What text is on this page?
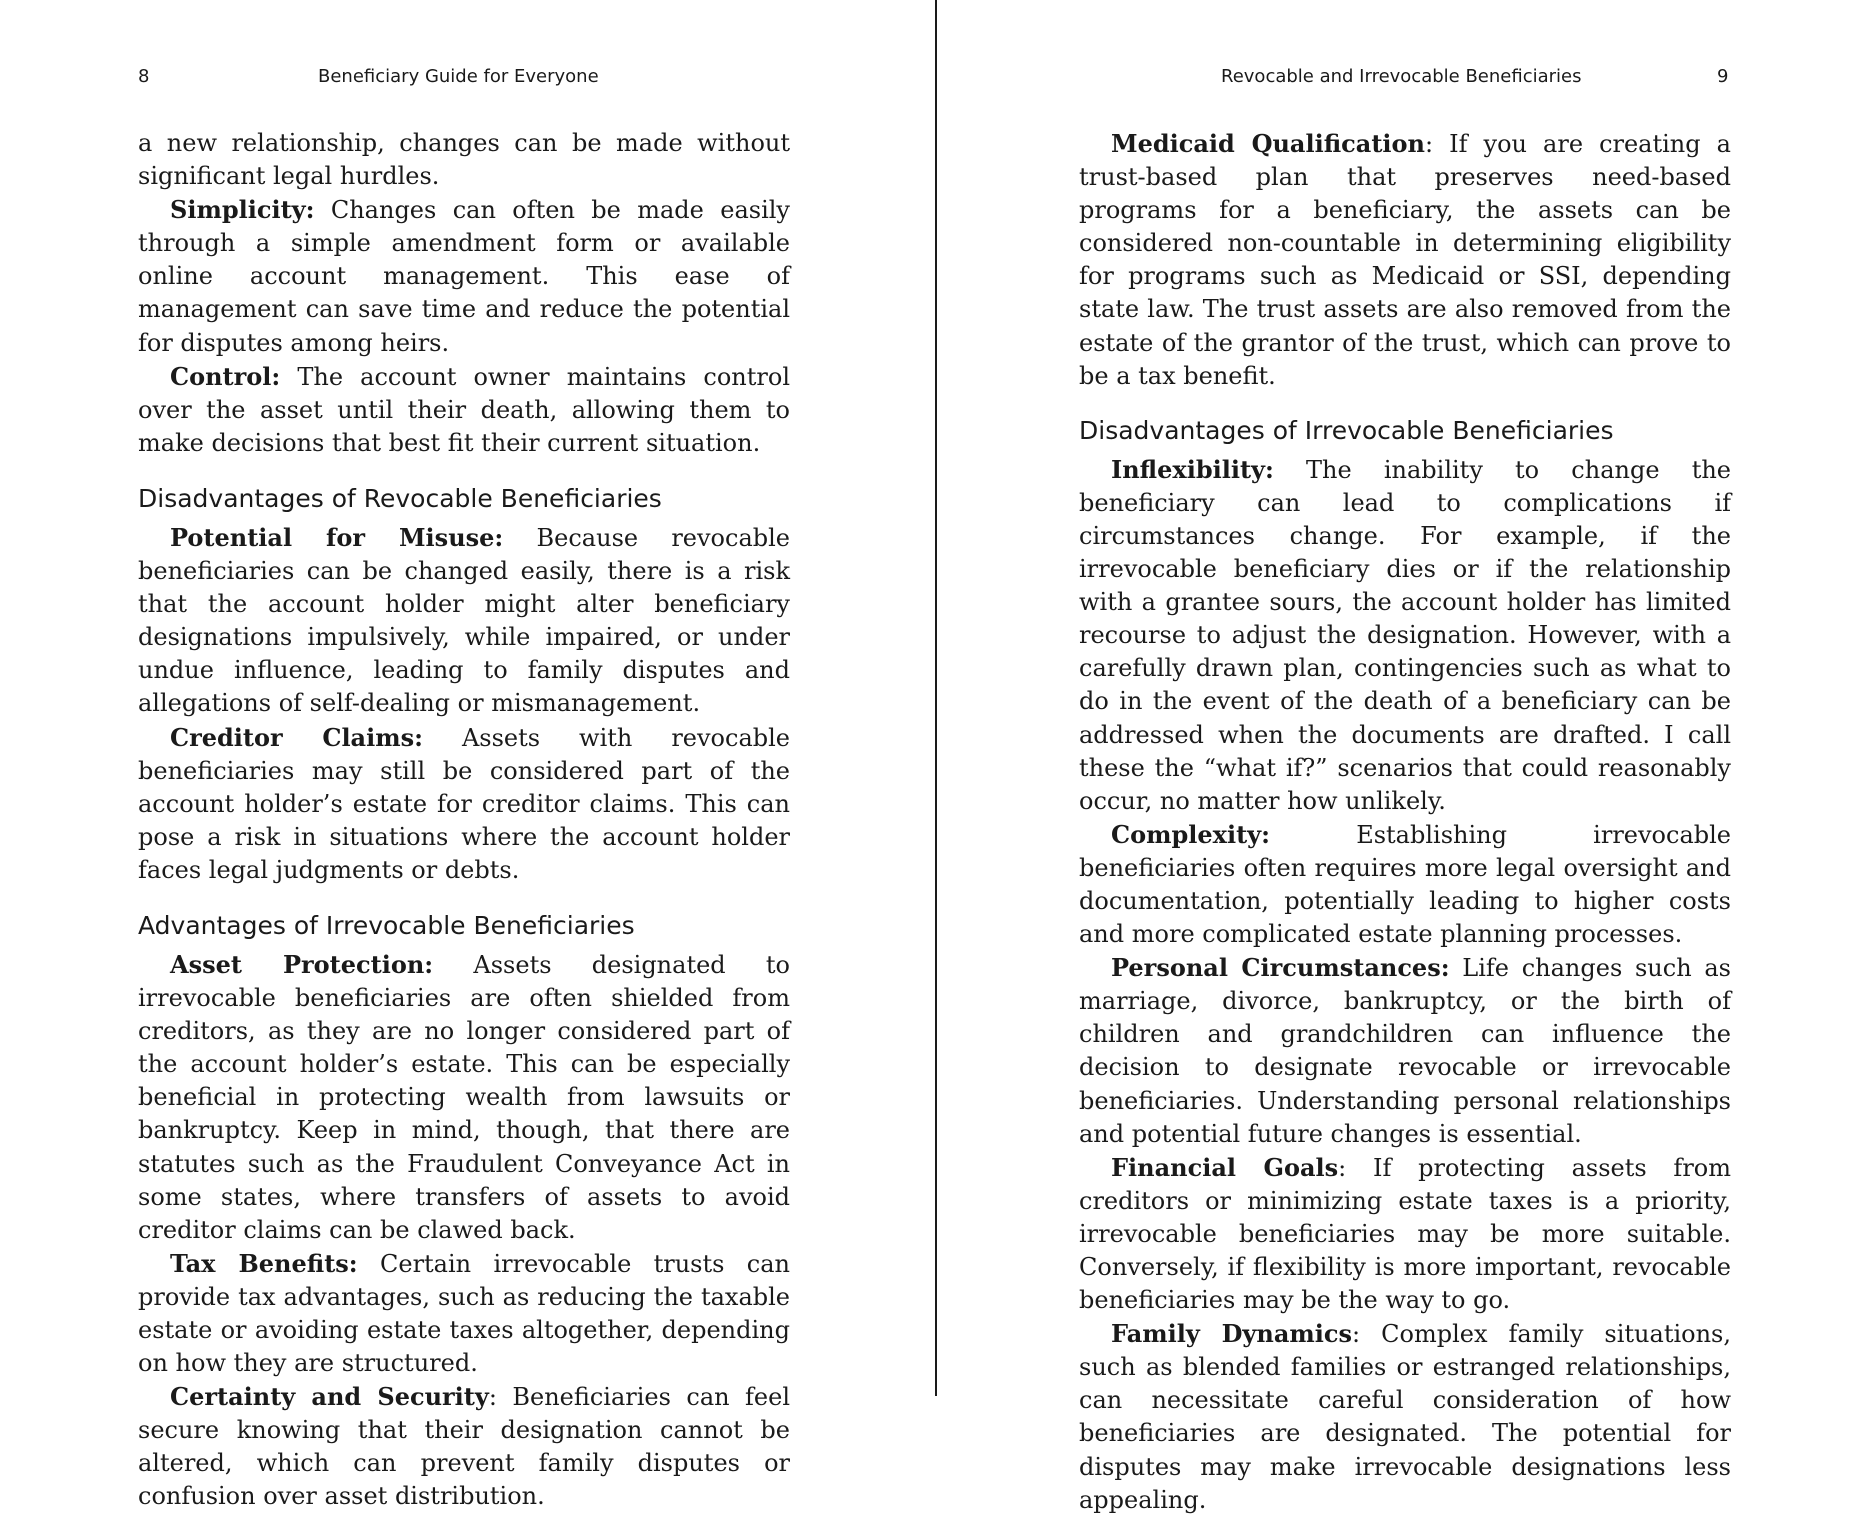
8	Beneficiary Guide for Everyone

a new relationship, changes can be made without significant legal hurdles.

Simplicity: Changes can often be made easily through a simple amendment form or available online account management. This ease of management can save time and reduce the potential for disputes among heirs.

Control: The account owner maintains control over the asset until their death, allowing them to make decisions that best fit their current situation.

Disadvantages of Revocable Beneficiaries

Potential for Misuse: Because revocable beneficiaries can be changed easily, there is a risk that the account holder might alter beneficiary designations impulsively, while impaired, or under undue influence, leading to family disputes and allegations of self-dealing or mismanagement.

Creditor Claims: Assets with revocable beneficiaries may still be considered part of the account holder’s estate for creditor claims. This can pose a risk in situations where the account holder faces legal judgments or debts.

Advantages of Irrevocable Beneficiaries

Asset Protection: Assets designated to irrevocable beneficiaries are often shielded from creditors, as they are no longer considered part of the account holder’s estate. This can be especially beneficial in protecting wealth from lawsuits or bankruptcy. Keep in mind, though, that there are statutes such as the Fraudulent Conveyance Act in some states, where transfers of assets to avoid creditor claims can be clawed back.

Tax Benefits: Certain irrevocable trusts can provide tax advantages, such as reducing the taxable estate or avoiding estate taxes altogether, depending on how they are structured.

Certainty and Security: Beneficiaries can feel secure knowing that their designation cannot be altered, which can prevent family disputes or confusion over asset distribution.

Revocable and Irrevocable Beneficiaries	9

Medicaid Qualification: If you are creating a trust-based plan that preserves need-based programs for a beneficiary, the assets can be considered non-countable in determining eligibility for programs such as Medicaid or SSI, depending state law. The trust assets are also removed from the estate of the grantor of the trust, which can prove to be a tax benefit.

Disadvantages of Irrevocable Beneficiaries

Inflexibility: The inability to change the beneficiary can lead to complications if circumstances change. For example, if the irrevocable beneficiary dies or if the relationship with a grantee sours, the account holder has limited recourse to adjust the designation. However, with a carefully drawn plan, contingencies such as what to do in the event of the death of a beneficiary can be addressed when the documents are drafted. I call these the “what if?” scenarios that could reasonably occur, no matter how unlikely.

Complexity: Establishing irrevocable beneficiaries often requires more legal oversight and documentation, potentially leading to higher costs and more complicated estate planning processes.

Personal Circumstances: Life changes such as marriage, divorce, bankruptcy, or the birth of children and grandchildren can influence the decision to designate revocable or irrevocable beneficiaries. Understanding personal relationships and potential future changes is essential.

Financial Goals: If protecting assets from creditors or minimizing estate taxes is a priority, irrevocable beneficiaries may be more suitable. Conversely, if flexibility is more important, revocable beneficiaries may be the way to go.

Family Dynamics: Complex family situations, such as blended families or estranged relationships, can necessitate careful consideration of how beneficiaries are designated. The potential for disputes may make irrevocable designations less appealing.
